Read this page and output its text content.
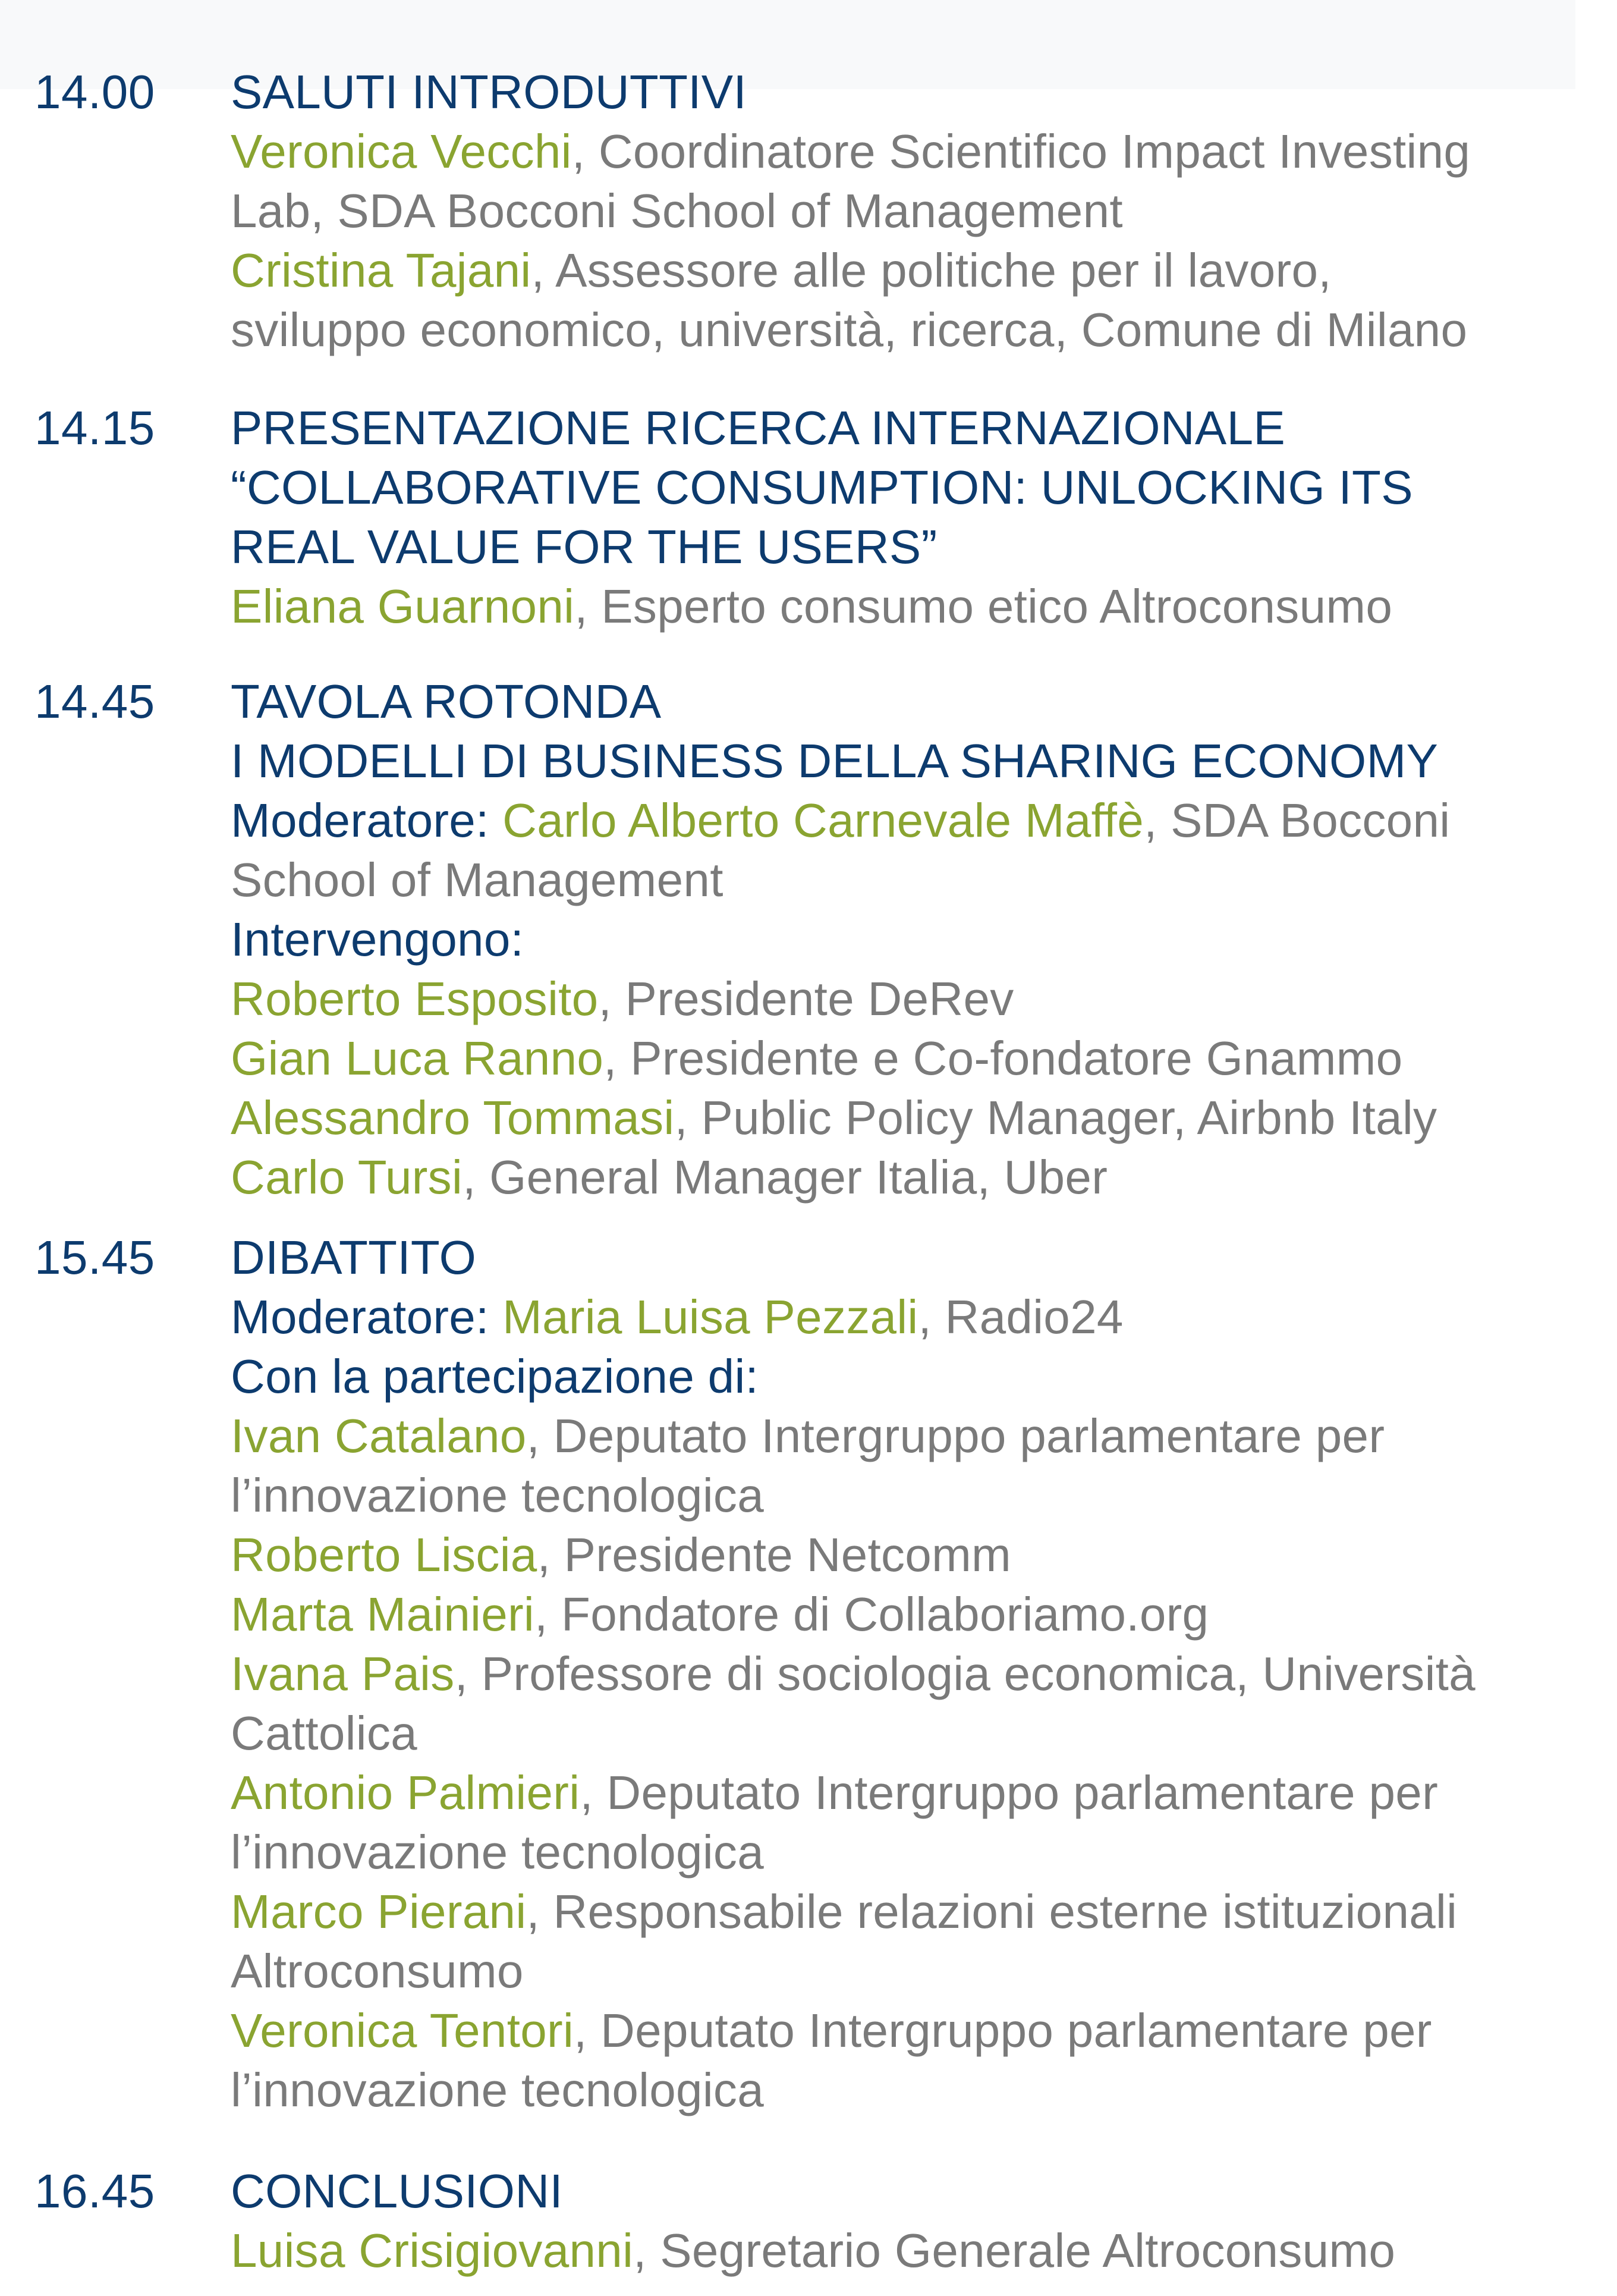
14.00 SALUTI INTRODUTTIVI
Veronica Vecchi, Coordinatore Scientifico Impact Investing
Lab, SDA Bocconi School of Management
Cristina Tajani, Assessore alle politiche per il lavoro,
sviluppo economico, università, ricerca, Comune di Milano
14.15 PRESENTAZIONE RICERCA INTERNAZIONALE
“COLLABORATIVE CONSUMPTION: UNLOCKING ITS
REAL VALUE FOR THE USERS”
Eliana Guarnoni, Esperto consumo etico Altroconsumo
14.45 TAVOLA ROTONDA
I MODELLI DI BUSINESS DELLA SHARING ECONOMY
Moderatore: Carlo Alberto Carnevale Maffè, SDA Bocconi
School of Management
Intervengono:
Roberto Esposito, Presidente DeRev
Gian Luca Ranno, Presidente e Co-fondatore Gnammo
Alessandro Tommasi, Public Policy Manager, Airbnb Italy
Carlo Tursi, General Manager Italia, Uber
15.45 DIBATTITO
Moderatore: Maria Luisa Pezzali, Radio24
Con la partecipazione di:
Ivan Catalano, Deputato Intergruppo parlamentare per
l’innovazione tecnologica
Roberto Liscia, Presidente Netcomm
Marta Mainieri, Fondatore di Collaboriamo.org
Ivana Pais, Professore di sociologia economica, Università
Cattolica
Antonio Palmieri, Deputato Intergruppo parlamentare per
l’innovazione tecnologica
Marco Pierani, Responsabile relazioni esterne istituzionali
Altroconsumo
Veronica Tentori, Deputato Intergruppo parlamentare per
l’innovazione tecnologica
16.45 CONCLUSIONI
Luisa Crisigiovanni, Segretario Generale Altroconsumo
